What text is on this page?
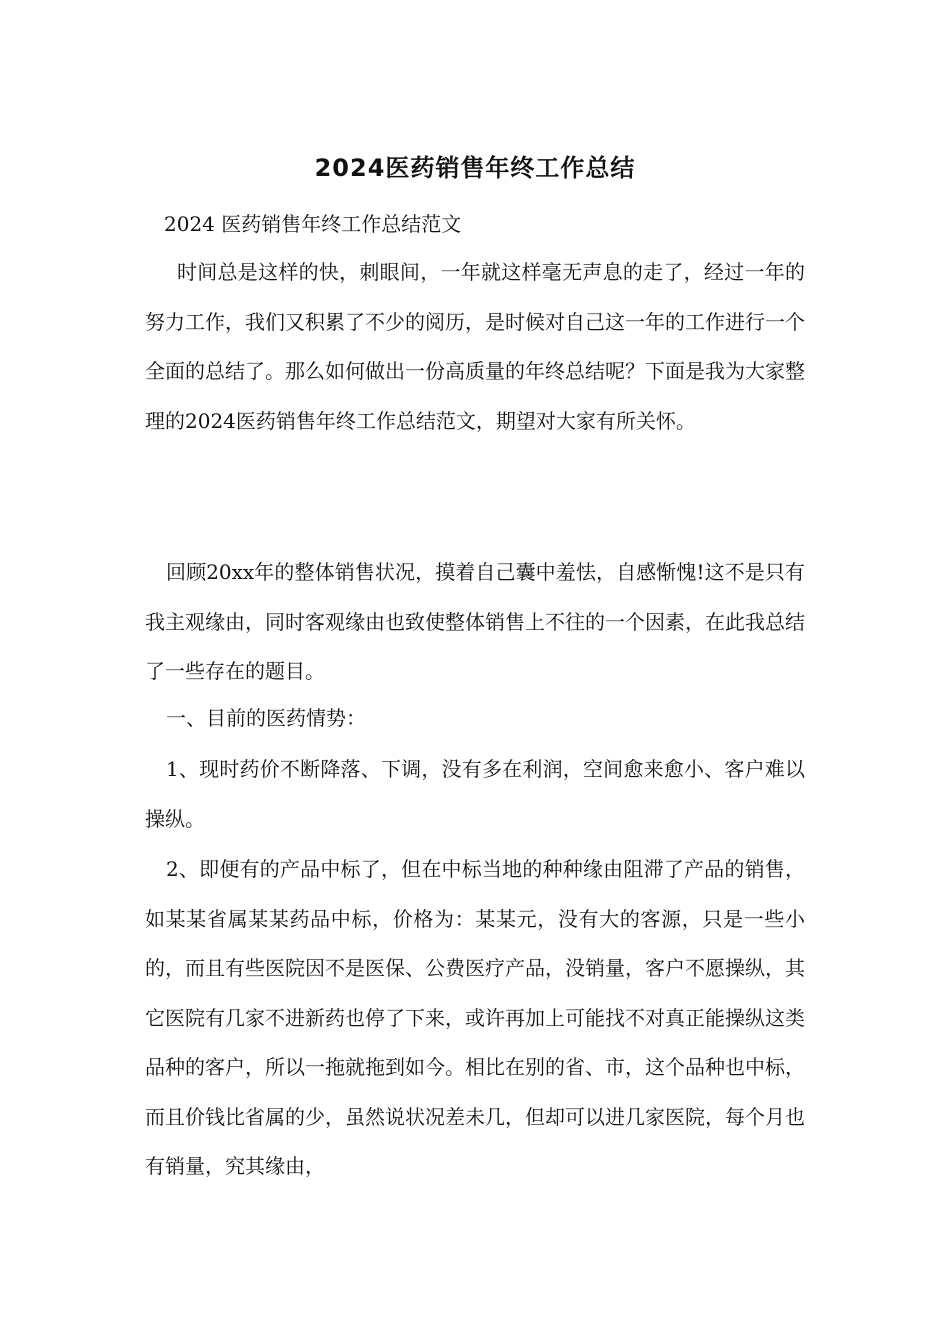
2024医药销售年终工作总结
2024 医药销售年终工作总结范文
时间总是这样的快，刺眼间，一年就这样毫无声息的走了，经过一年的努力工作，我们又积累了不少的阅历，是时候对自己这一年的工作进行一个全面的总结了。那么如何做出一份高质量的年终总结呢？下面是我为大家整理的2024医药销售年终工作总结范文，期望对大家有所关怀。
回顾20xx年的整体销售状况，摸着自己囊中羞怯，自感惭愧!这不是只有我主观缘由，同时客观缘由也致使整体销售上不往的一个因素，在此我总结了一些存在的题目。
一、目前的医药情势：
1、现时药价不断降落、下调，没有多在利润，空间愈来愈小、客户难以操纵。
2、即便有的产品中标了，但在中标当地的种种缘由阻滞了产品的销售，如某某省属某某药品中标，价格为：某某元，没有大的客源，只是一些小的，而且有些医院因不是医保、公费医疗产品，没销量，客户不愿操纵，其它医院有几家不进新药也停了下来，或许再加上可能找不对真正能操纵这类品种的客户，所以一拖就拖到如今。相比在别的省、市，这个品种也中标，而且价钱比省属的少，虽然说状况差未几，但却可以进几家医院，每个月也有销量，究其缘由，
